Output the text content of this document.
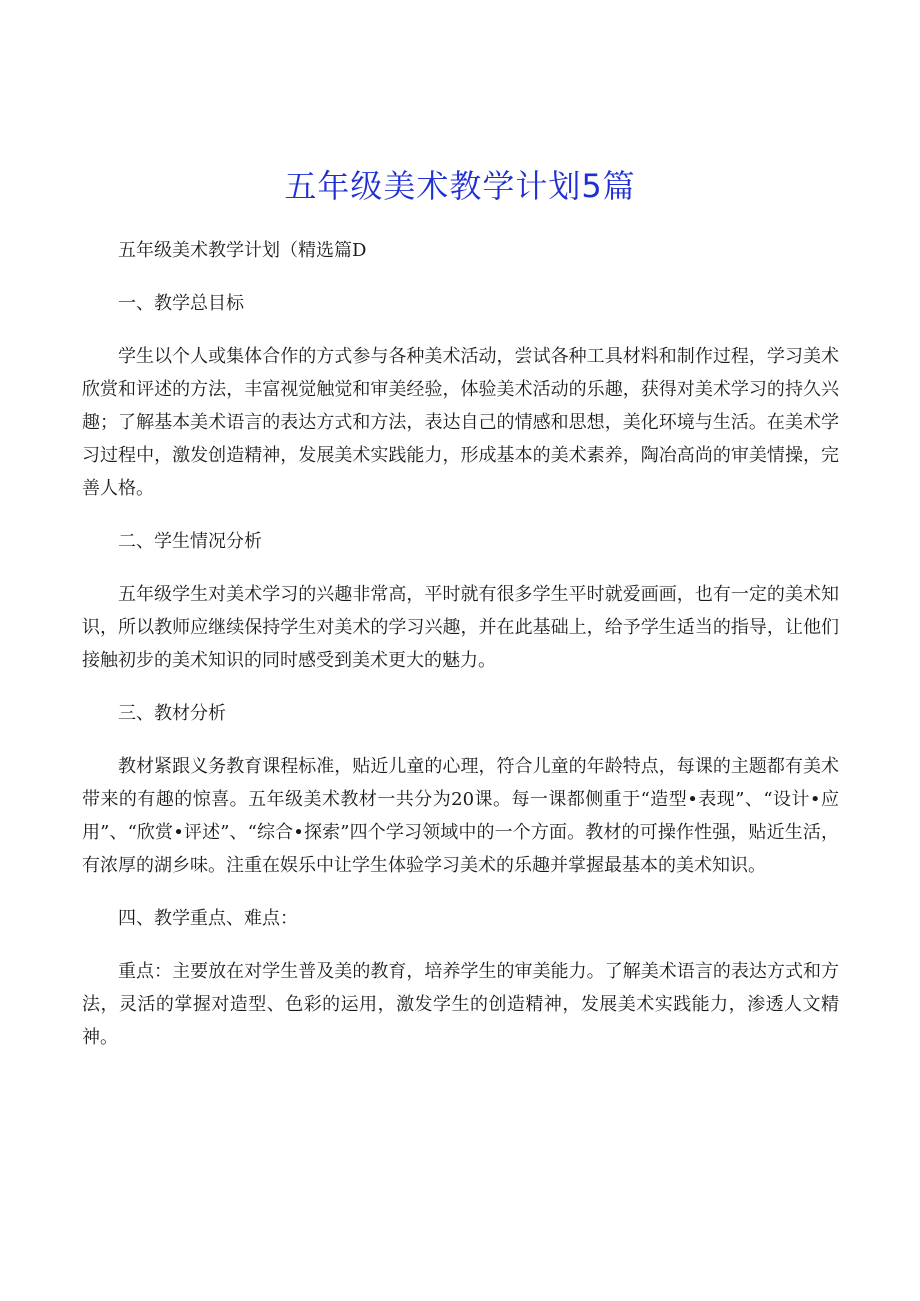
五年级美术教学计划5篇

五年级美术教学计划（精选篇D

一、教学总目标

学生以个人或集体合作的方式参与各种美术活动，尝试各种工具材料和制作过程，学习美术欣赏和评述的方法，丰富视觉触觉和审美经验，体验美术活动的乐趣，获得对美术学习的持久兴趣；了解基本美术语言的表达方式和方法，表达自己的情感和思想，美化环境与生活。在美术学习过程中，激发创造精神，发展美术实践能力，形成基本的美术素养，陶冶高尚的审美情操，完善人格。

二、学生情况分析

五年级学生对美术学习的兴趣非常高，平时就有很多学生平时就爱画画，也有一定的美术知识，所以教师应继续保持学生对美术的学习兴趣，并在此基础上，给予学生适当的指导，让他们接触初步的美术知识的同时感受到美术更大的魅力。

三、教材分析

教材紧跟义务教育课程标准，贴近儿童的心理，符合儿童的年龄特点，每课的主题都有美术带来的有趣的惊喜。五年级美术教材一共分为20课。每一课都侧重于“造型•表现”、“设计•应用”、“欣赏•评述”、“综合•探索”四个学习领域中的一个方面。教材的可操作性强，贴近生活，有浓厚的湖乡味。注重在娱乐中让学生体验学习美术的乐趣并掌握最基本的美术知识。

四、教学重点、难点：

重点：主要放在对学生普及美的教育，培养学生的审美能力。了解美术语言的表达方式和方法，灵活的掌握对造型、色彩的运用，激发学生的创造精神，发展美术实践能力，渗透人文精神。
